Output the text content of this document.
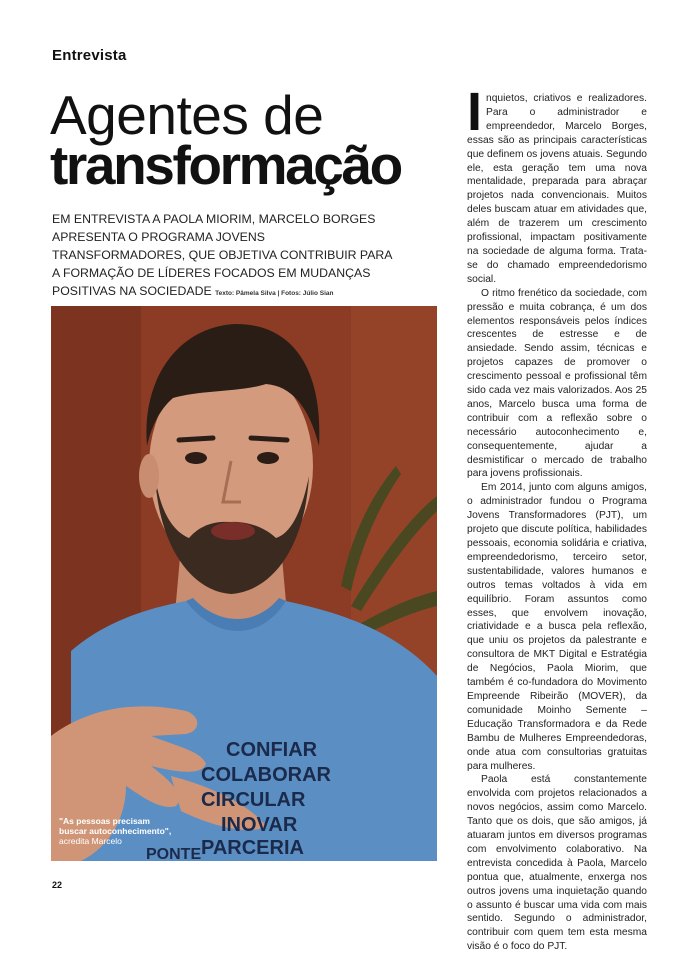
Entrevista
Agentes de
transformação
EM ENTREVISTA A PAOLA MIORIM, MARCELO BORGES APRESENTA O PROGRAMA JOVENS TRANSFORMADORES, QUE OBJETIVA CONTRIBUIR PARA A FORMAÇÃO DE LÍDERES FOCADOS EM MUDANÇAS POSITIVAS NA SOCIEDADE Texto: Pâmela Silva | Fotos: Júlio Sian
CONFIAR
COLABORAR
CIRCULAR
INOVAR
PARCERIA
PONTE
"As pessoas precisam buscar autoconhecimento", acredita Marcelo

Inquietos, criativos e realizadores. Para o administrador e empreendedor, Marcelo Borges, essas são as principais características que definem os jovens atuais. Segundo ele, esta geração tem uma nova mentalidade, preparada para abraçar projetos nada convencionais. Muitos deles buscam atuar em atividades que, além de trazerem um crescimento profissional, impactam positivamente na sociedade de alguma forma. Trata-se do chamado empreendedorismo social.

O ritmo frenético da sociedade, com pressão e muita cobrança, é um dos elementos responsáveis pelos índices crescentes de estresse e de ansiedade. Sendo assim, técnicas e projetos capazes de promover o crescimento pessoal e profissional têm sido cada vez mais valorizados. Aos 25 anos, Marcelo busca uma forma de contribuir com a reflexão sobre o necessário autoconhecimento e, consequentemente, ajudar a desmistificar o mercado de trabalho para jovens profissionais.

Em 2014, junto com alguns amigos, o administrador fundou o Programa Jovens Transformadores (PJT), um projeto que discute política, habilidades pessoais, economia solidária e criativa, empreendedorismo, terceiro setor, sustentabilidade, valores humanos e outros temas voltados à vida em equilíbrio. Foram assuntos como esses, que envolvem inovação, criatividade e a busca pela reflexão, que uniu os projetos da palestrante e consultora de MKT Digital e Estratégia de Negócios, Paola Miorim, que também é co-fundadora do Movimento Empreende Ribeirão (MOVER), da comunidade Moinho Semente – Educação Transformadora e da Rede Bambu de Mulheres Empreendedoras, onde atua com consultorias gratuitas para mulheres.

Paola está constantemente envolvida com projetos relacionados a novos negócios, assim como Marcelo. Tanto que os dois, que são amigos, já atuaram juntos em diversos programas com envolvimento colaborativo. Na entrevista concedida à Paola, Marcelo pontua que, atualmente, enxerga nos outros jovens uma inquietação quando o assunto é buscar uma vida com mais sentido. Segundo o administrador, contribuir com quem tem esta mesma visão é o foco do PJT.

22
